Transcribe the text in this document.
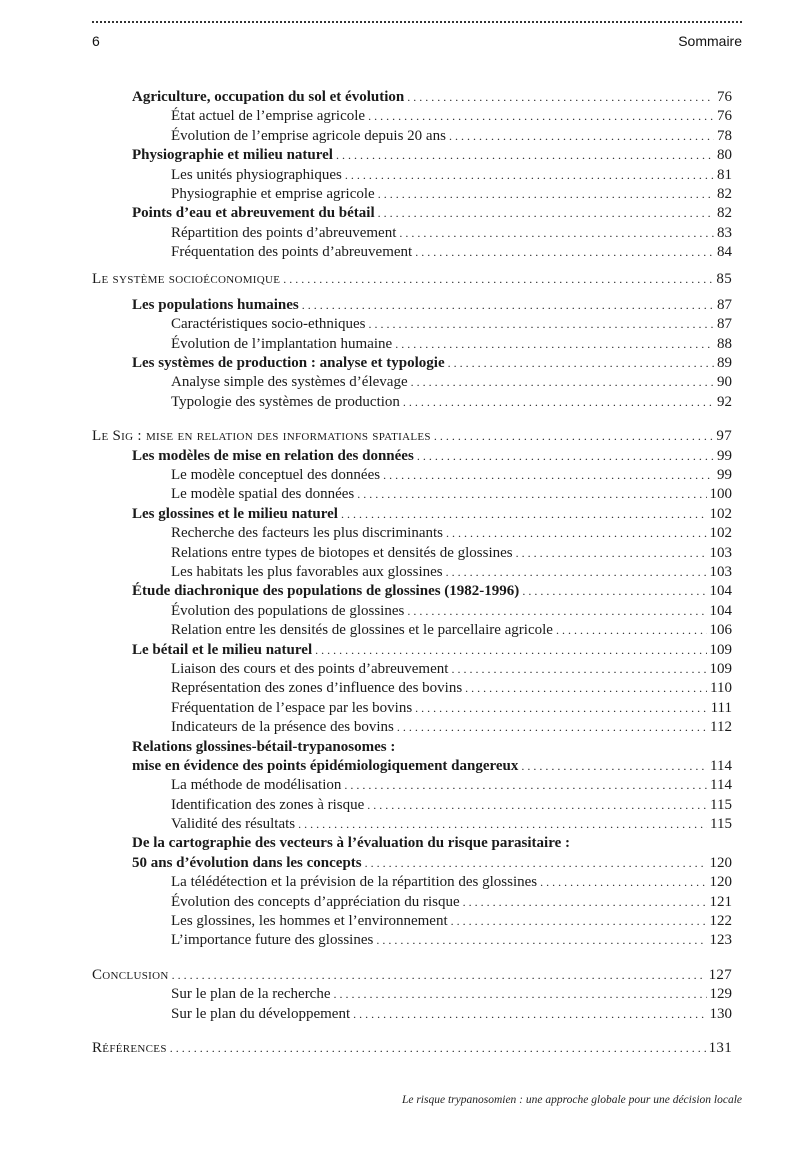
6	Sommaire
Agriculture, occupation du sol et évolution .....	76
État actuel de l’emprise agricole .....	76
Évolution de l’emprise agricole depuis 20 ans .....	78
Physiographie et milieu naturel .....	80
Les unités physiographiques .....	81
Physiographie et emprise agricole .....	82
Points d’eau et abreuvement du bétail .....	82
Répartition des points d’abreuvement .....	83
Fréquentation des points d’abreuvement .....	84
Le système socioéconomique .....	85
Les populations humaines .....	87
Caractéristiques socio-ethniques .....	87
Évolution de l’implantation humaine .....	88
Les systèmes de production : analyse et typologie .....	89
Analyse simple des systèmes d’élevage .....	90
Typologie des systèmes de production .....	92
Le Sig : mise en relation des informations spatiales .....	97
Les modèles de mise en relation des données .....	99
Le modèle conceptuel des données .....	99
Le modèle spatial des données .....	100
Les glossines et le milieu naturel .....	102
Recherche des facteurs les plus discriminants .....	102
Relations entre types de biotopes et densités de glossines .....	103
Les habitats les plus favorables aux glossines .....	103
Étude diachronique des populations de glossines (1982-1996) .....	104
Évolution des populations de glossines .....	104
Relation entre les densités de glossines et le parcellaire agricole .....	106
Le bétail et le milieu naturel .....	109
Liaison des cours et des points d’abreuvement .....	109
Représentation des zones d’influence des bovins .....	110
Fréquentation de l’espace par les bovins .....	111
Indicateurs de la présence des bovins .....	112
Relations glossines-bétail-trypanosomes :
mise en évidence des points épidémiologiquement dangereux .....	114
La méthode de modélisation .....	114
Identification des zones à risque .....	115
Validité des résultats .....	115
De la cartographie des vecteurs à l’évaluation du risque parasitaire :
50 ans d’évolution dans les concepts .....	120
La télédétection et la prévision de la répartition des glossines .....	120
Évolution des concepts d’appréciation du risque .....	121
Les glossines, les hommes et l’environnement .....	122
L’importance future des glossines .....	123
Conclusion .....	127
Sur le plan de la recherche .....	129
Sur le plan du développement .....	130
Références .....	131
Le risque trypanosomien : une approche globale pour une décision locale
